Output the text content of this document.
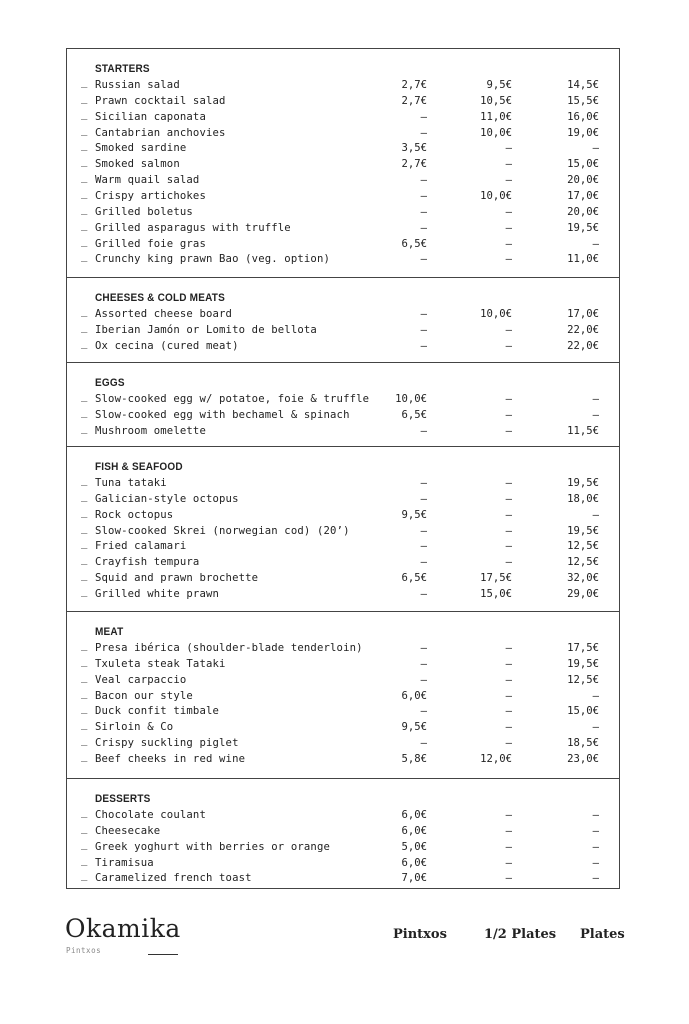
STARTERS
_ Russian salad	2,7€	9,5€	14,5€
_ Prawn cocktail salad	2,7€	10,5€	15,5€
_ Sicilian caponata	—	11,0€	16,0€
_ Cantabrian anchovies	—	10,0€	19,0€
_ Smoked sardine	3,5€	—	—
_ Smoked salmon	2,7€	—	15,0€
_ Warm quail salad	—	—	20,0€
_ Crispy artichokes	—	10,0€	17,0€
_ Grilled boletus	—	—	20,0€
_ Grilled asparagus with truffle	—	—	19,5€
_ Grilled foie gras	6,5€	—	—
_ Crunchy king prawn Bao (veg. option)	—	—	11,0€
CHEESES & COLD MEATS
_ Assorted cheese board	—	10,0€	17,0€
_ Iberian Jamón or Lomito de bellota	—	—	22,0€
_ Ox cecina (cured meat)	—	—	22,0€
EGGS
_ Slow-cooked egg w/ potatoe, foie & truffle	10,0€	—	—
_ Slow-cooked egg with bechamel & spinach	6,5€	—	—
_ Mushroom omelette	—	—	11,5€
FISH & SEAFOOD
_ Tuna tataki	—	—	19,5€
_ Galician-style octopus	—	—	18,0€
_ Rock octopus	9,5€	—	—
_ Slow-cooked Skrei (norwegian cod) (20’)	—	—	19,5€
_ Fried calamari	—	—	12,5€
_ Crayfish tempura	—	—	12,5€
_ Squid and prawn brochette	6,5€	17,5€	32,0€
_ Grilled white prawn	—	15,0€	29,0€
MEAT
_ Presa ibérica (shoulder-blade tenderloin)	—	—	17,5€
_ Txuleta steak Tataki	—	—	19,5€
_ Veal carpaccio	—	—	12,5€
_ Bacon our style	6,0€	—	—
_ Duck confit timbale	—	—	15,0€
_ Sirloin & Co	9,5€	—	—
_ Crispy suckling piglet	—	—	18,5€
_ Beef cheeks in red wine	5,8€	12,0€	23,0€
DESSERTS
_ Chocolate coulant	6,0€	—	—
_ Cheesecake	6,0€	—	—
_ Greek yoghurt with berries or orange	5,0€	—	—
_ Tiramisua	6,0€	—	—
_ Caramelized french toast	7,0€	—	—
Okamika
Pintxos
Pintxos	1/2 Plates Plates
